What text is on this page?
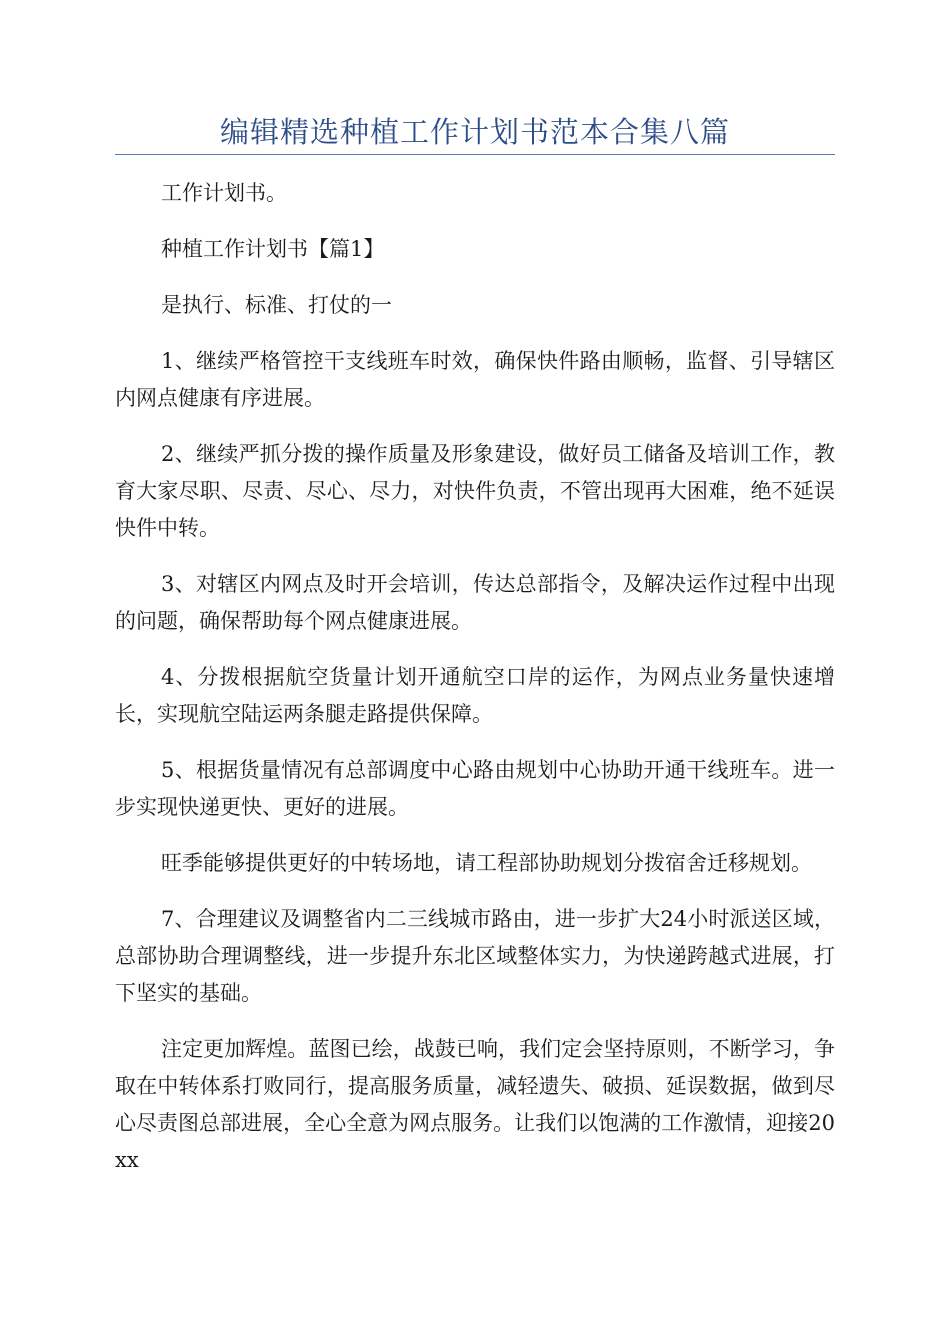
编辑精选种植工作计划书范本合集八篇

工作计划书。

种植工作计划书【篇1】

是执行、标准、打仗的一

1、继续严格管控干支线班车时效，确保快件路由顺畅，监督、引导辖区内网点健康有序进展。

2、继续严抓分拨的操作质量及形象建设，做好员工储备及培训工作，教育大家尽职、尽责、尽心、尽力，对快件负责，不管出现再大困难，绝不延误快件中转。

3、对辖区内网点及时开会培训，传达总部指令，及解决运作过程中出现的问题，确保帮助每个网点健康进展。

4、分拨根据航空货量计划开通航空口岸的运作，为网点业务量快速增长，实现航空陆运两条腿走路提供保障。

5、根据货量情况有总部调度中心路由规划中心协助开通干线班车。进一步实现快递更快、更好的进展。

旺季能够提供更好的中转场地，请工程部协助规划分拨宿舍迁移规划。

7、合理建议及调整省内二三线城市路由，进一步扩大24小时派送区域，总部协助合理调整线，进一步提升东北区域整体实力，为快递跨越式进展，打下坚实的基础。

注定更加辉煌。蓝图已绘，战鼓已响，我们定会坚持原则，不断学习，争取在中转体系打败同行，提高服务质量，减轻遗失、破损、延误数据，做到尽心尽责图总部进展，全心全意为网点服务。让我们以饱满的工作激情，迎接20xx
